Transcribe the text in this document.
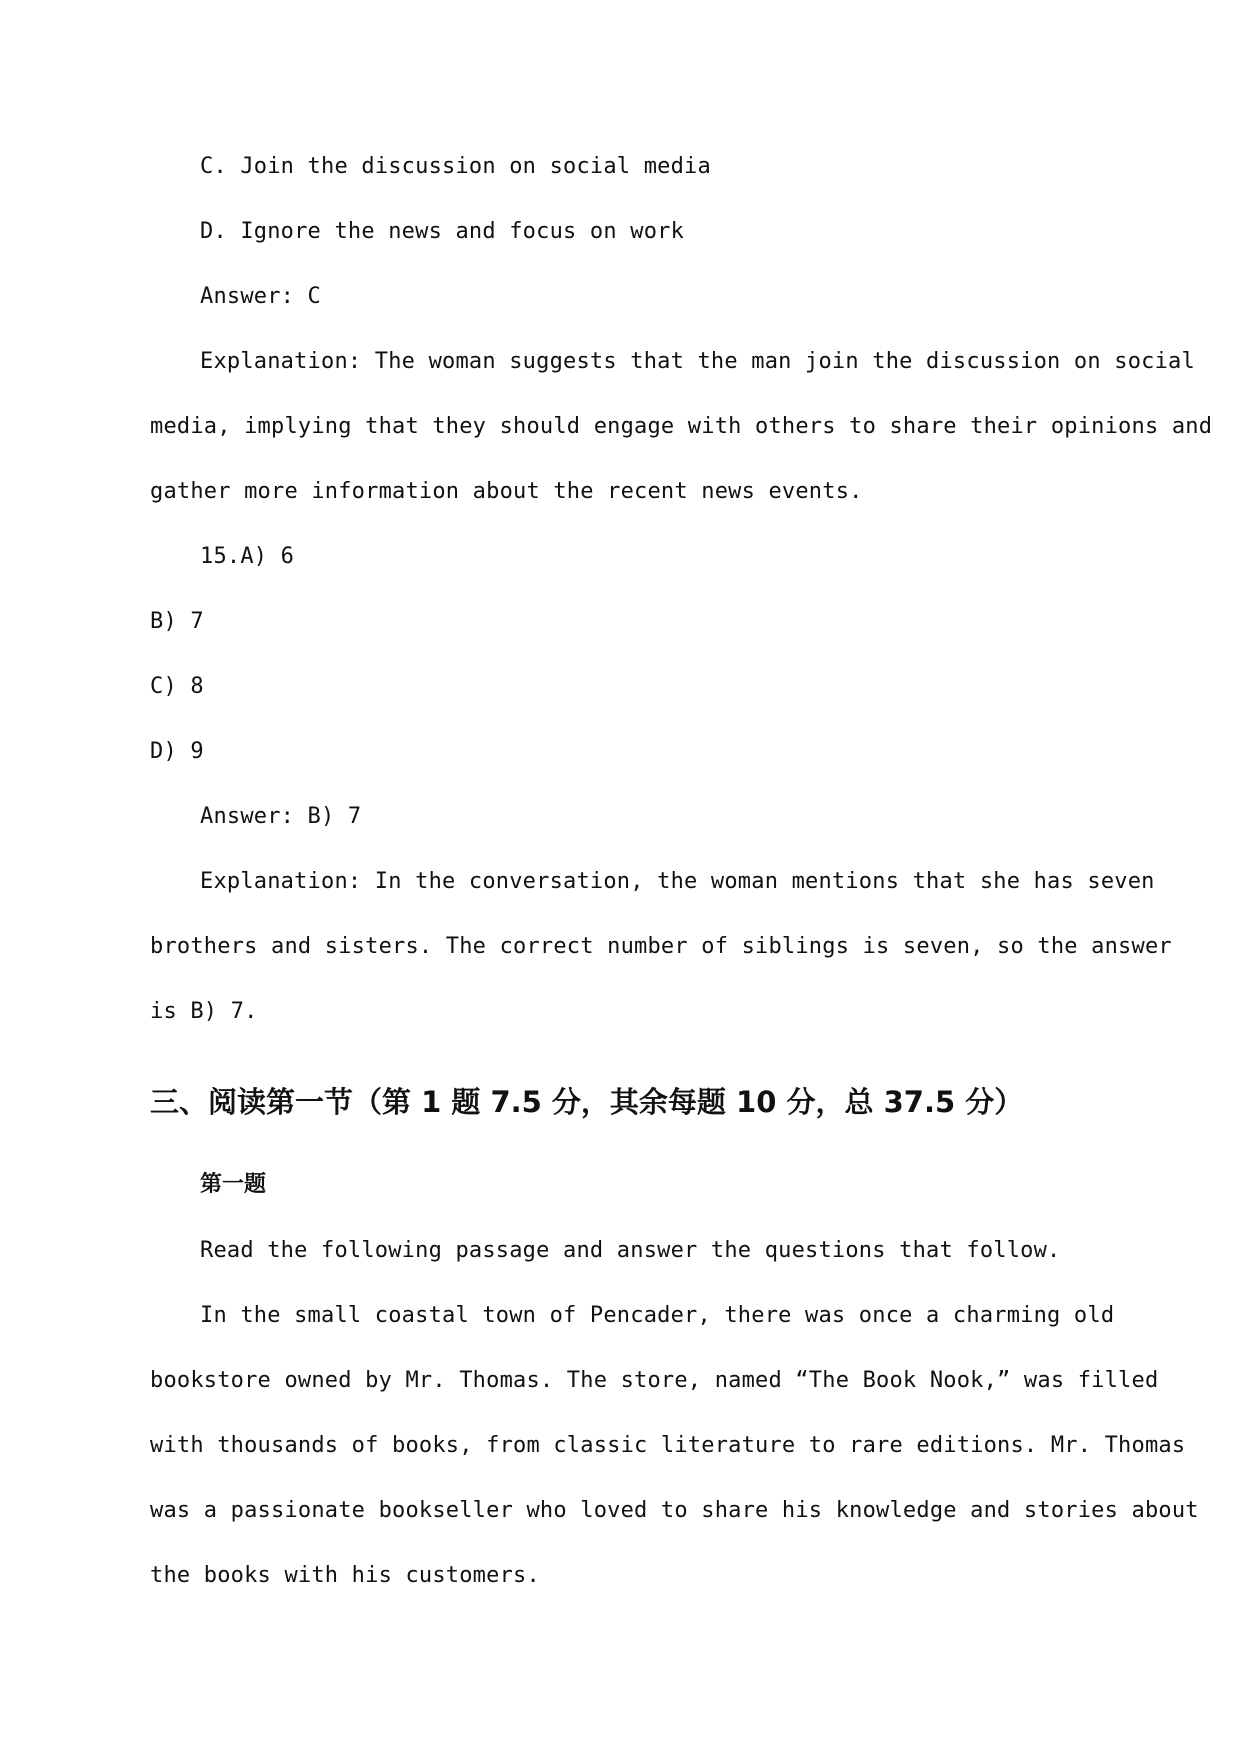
C. Join the discussion on social media
D. Ignore the news and focus on work
Answer: C
Explanation: The woman suggests that the man join the discussion on social
media, implying that they should engage with others to share their opinions and
gather more information about the recent news events.
15.A) 6
B) 7
C) 8
D) 9
Answer: B) 7
Explanation: In the conversation, the woman mentions that she has seven
brothers and sisters. The correct number of siblings is seven, so the answer
is B) 7.
三、阅读第一节（第 1 题 7.5 分，其余每题 10 分，总 37.5 分）
第一题
Read the following passage and answer the questions that follow.
In the small coastal town of Pencader, there was once a charming old
bookstore owned by Mr. Thomas. The store, named “The Book Nook,” was filled
with thousands of books, from classic literature to rare editions. Mr. Thomas
was a passionate bookseller who loved to share his knowledge and stories about
the books with his customers.
